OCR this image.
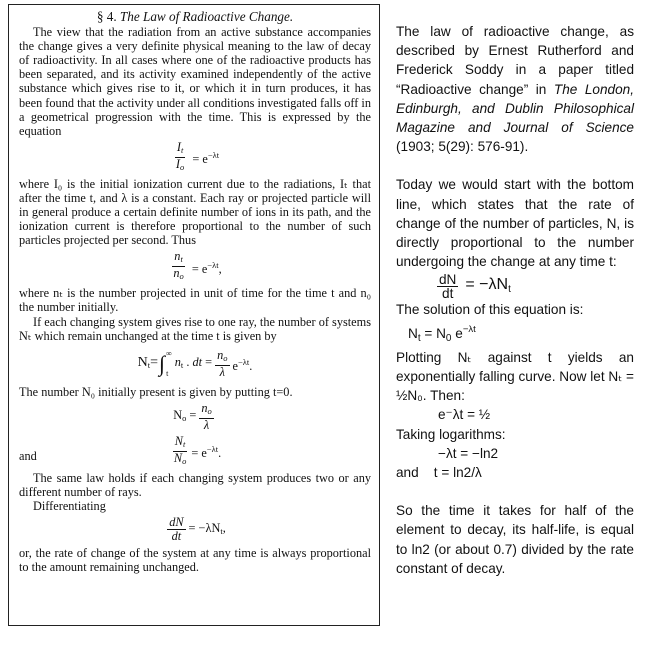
§ 4. The Law of Radioactive Change.

The view that the radiation from an active substance accompanies the change gives a very definite physical meaning to the law of decay of radioactivity. In all cases where one of the radioactive products has been separated, and its activity examined independently of the active substance which gives rise to it, or which it in turn produces, it has been found that the activity under all conditions investigated falls off in a geometrical progression with the time. This is expressed by the equation

$\frac{I_t}{I_o} = e^{-\lambda t}$

where I₀ is the initial ionization current due to the radiations, Iₜ that after the time t, and λ is a constant. Each ray or projected particle will in general produce a certain definite number of ions in its path, and the ionization current is therefore proportional to the number of such particles projected per second. Thus

$\frac{n_t}{n_o} = e^{-\lambda t}$,

where nₜ is the number projected in unit of time for the time t and n₀ the number initially.

If each changing system gives rise to one ray, the number of systems Nₜ which remain unchanged at the time t is given by

$N_t=$ ∫ ∞
t
$n_t$ . dt = $\frac{n_o}{\lambda} e^{-\lambda t}$.

The number N₀ initially present is given by putting t=0.

$N_o = \frac{n_o}{\lambda}$
and	$\frac{N_t}{N_o} = e^{-\lambda t}$.

The same law holds if each changing system produces two or any different number of rays.

Differentiating

$\frac{dN}{dt} = -\lambda N_t$,

or, the rate of change of the system at any time is always proportional to the amount remaining unchanged.

The law of radioactive change, as described by Ernest Rutherford and Frederick Soddy in a paper titled “Radioactive change” in The London, Edinburgh, and Dublin Philosophical Magazine and Journal of Science (1903; 5(29): 576-91).

Today we would start with the bottom line, which states that the rate of change of the number of particles, N, is directly proportional to the number undergoing the change at any time t:

$\frac{dN}{dt} = -\lambda Nt$

The solution of this equation is:

$N_t = N_0$ $e^{-\lambda t}$

Plotting Nₜ against t yields an exponentially falling curve. Now let Nₜ = ½N₀. Then:

e⁻λt = ½

Taking logarithms:

−λt = −ln2

and t = ln2/λ

So the time it takes for half of the element to decay, its half-life, is equal to ln2 (or about 0.7) divided by the rate constant of decay.
